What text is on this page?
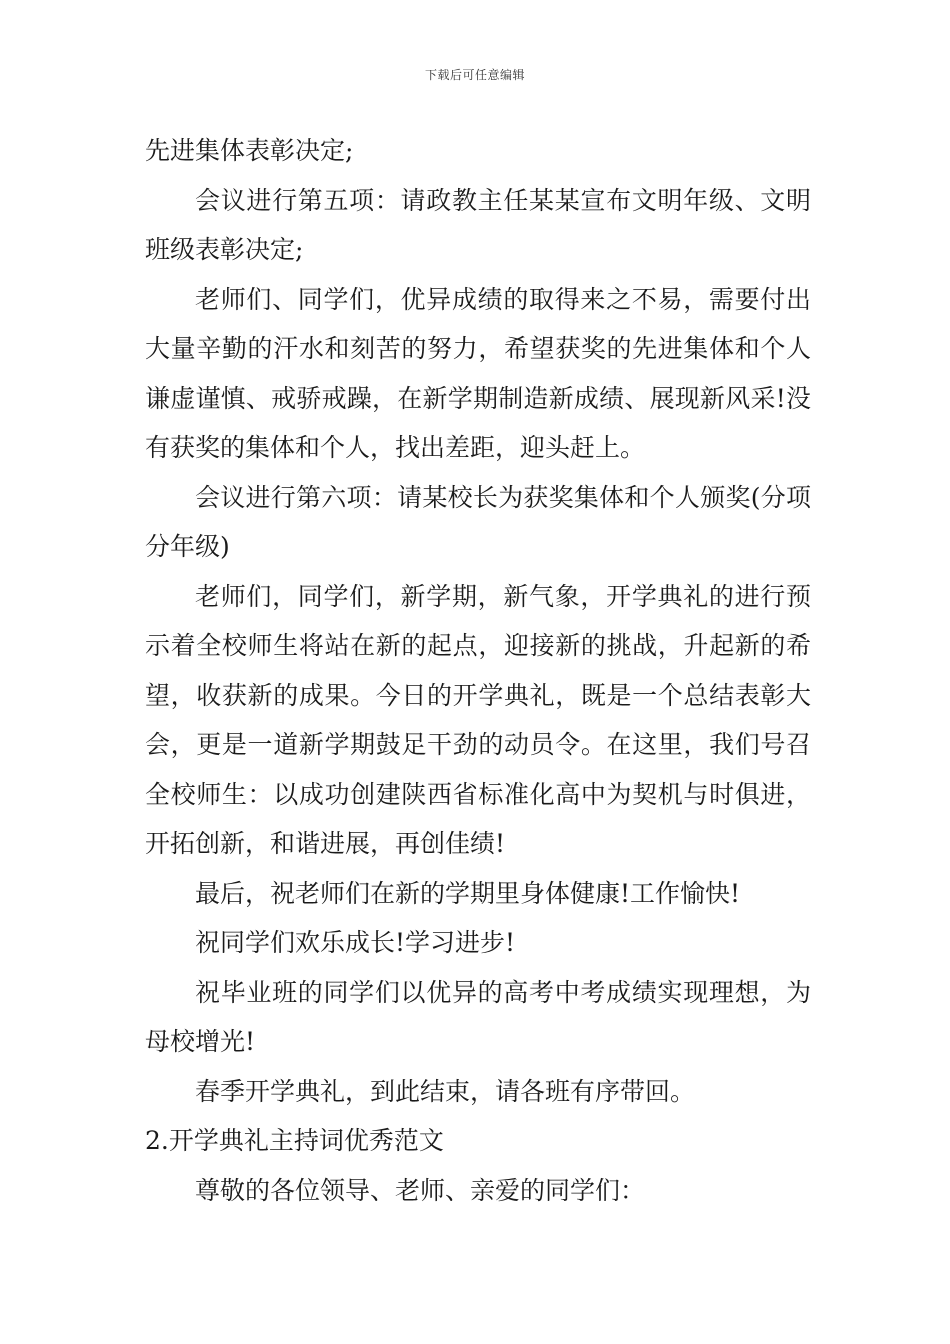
下载后可任意编辑

先进集体表彰决定;

会议进行第五项：请政教主任某某宣布文明年级、文明班级表彰决定;

老师们、同学们，优异成绩的取得来之不易，需要付出大量辛勤的汗水和刻苦的努力，希望获奖的先进集体和个人谦虚谨慎、戒骄戒躁，在新学期制造新成绩、展现新风采!没有获奖的集体和个人，找出差距，迎头赶上。

会议进行第六项：请某校长为获奖集体和个人颁奖(分项分年级)

老师们，同学们，新学期，新气象，开学典礼的进行预示着全校师生将站在新的起点，迎接新的挑战，升起新的希望，收获新的成果。今日的开学典礼，既是一个总结表彰大会，更是一道新学期鼓足干劲的动员令。在这里，我们号召全校师生：以成功创建陕西省标准化高中为契机与时俱进，开拓创新，和谐进展，再创佳绩!

最后，祝老师们在新的学期里身体健康!工作愉快!

祝同学们欢乐成长!学习进步!

祝毕业班的同学们以优异的高考中考成绩实现理想，为母校增光!

春季开学典礼，到此结束，请各班有序带回。

2.开学典礼主持词优秀范文

尊敬的各位领导、老师、亲爱的同学们：
